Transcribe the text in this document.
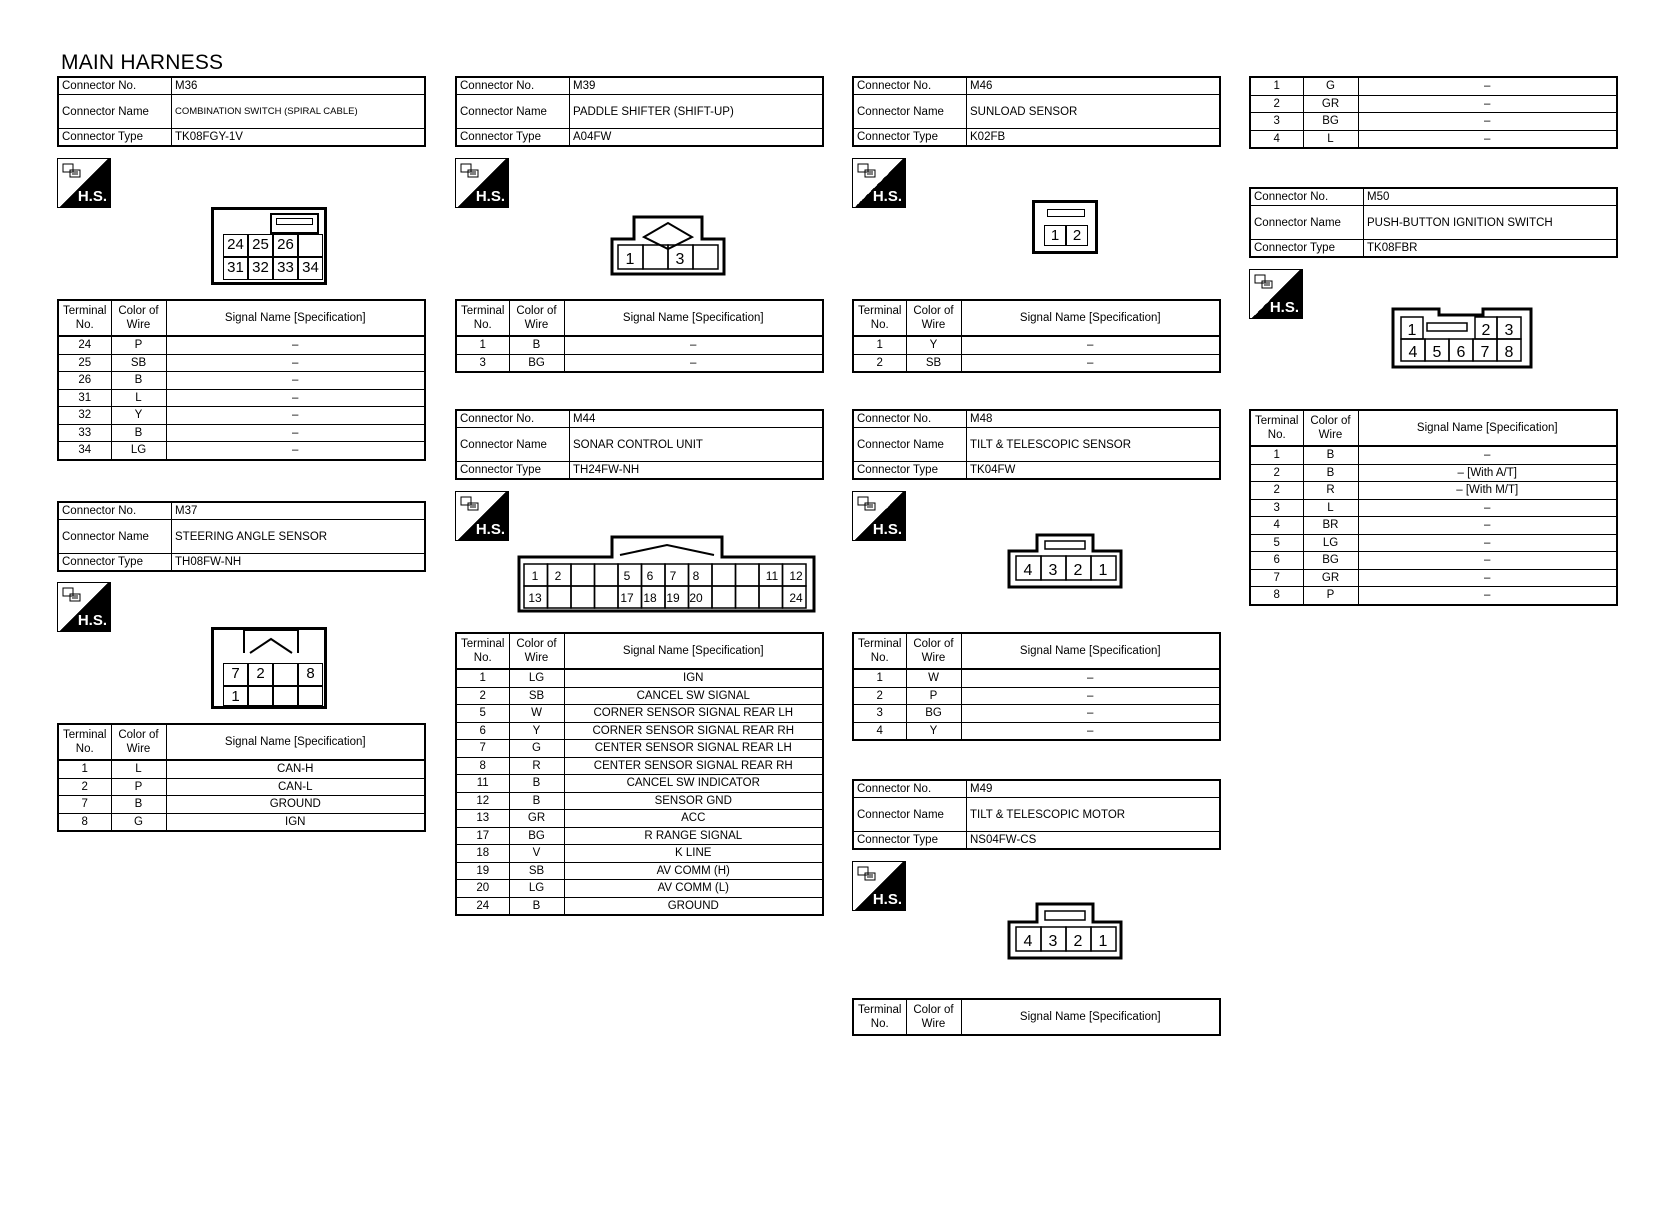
MAIN HARNESS
Connector No.	M36
Connector Name	COMBINATION SWITCH (SPIRAL CABLE)
Connector Type	TK08FGY-1V
H.S.
24 25 26
31 32 33 34
Terminal No.	Color of Wire	Signal Name [Specification]
24	P	–
25	SB	–
26	B	–
31	L	–
32	Y	–
33	B	–
34	LG	–
Connector No.	M37
Connector Name	STEERING ANGLE SENSOR
Connector Type	TH08FW-NH
H.S.
7	2	8
1
Terminal No.	Color of Wire	Signal Name [Specification]
1	L	CAN-H
2	P	CAN-L
7	B	GROUND
8	G	IGN
Connector No.	M39
Connector Name	PADDLE SHIFTER (SHIFT-UP)
Connector Type	A04FW
H.S.
1	3
Terminal No.	Color of Wire	Signal Name [Specification]
1	B	–
3	BG	–
Connector No.	M44
Connector Name	SONAR CONTROL UNIT
Connector Type	TH24FW-NH
H.S.
1 2	5 6 7 8	11 12
13	17 18 19 20	24
Terminal No.	Color of Wire	Signal Name [Specification]
1	LG	IGN
2	SB	CANCEL SW SIGNAL
5	W	CORNER SENSOR SIGNAL REAR LH
6	Y	CORNER SENSOR SIGNAL REAR RH
7	G	CENTER SENSOR SIGNAL REAR LH
8	R	CENTER SENSOR SIGNAL REAR RH
11	B	CANCEL SW INDICATOR
12	B	SENSOR GND
13	GR	ACC
17	BG	R RANGE SIGNAL
18	V	K LINE
19	SB	AV COMM (H)
20	LG	AV COMM (L)
24	B	GROUND
Connector No.	M46
Connector Name	SUNLOAD SENSOR
Connector Type	K02FB
H.S.
1 2
Terminal No.	Color of Wire	Signal Name [Specification]
1	Y	–
2	SB	–
Connector No.	M48
Connector Name	TILT & TELESCOPIC SENSOR
Connector Type	TK04FW
H.S.
4 3 2 1
Terminal No.	Color of Wire	Signal Name [Specification]
1	W	–
2	P	–
3	BG	–
4	Y	–
Connector No.	M49
Connector Name	TILT & TELESCOPIC MOTOR
Connector Type	NS04FW-CS
H.S.
4 3 2 1
Terminal No.	Color of Wire	Signal Name [Specification]
1	G	–
2	GR	–
3	BG	–
4	L	–
Connector No.	M50
Connector Name	PUSH-BUTTON IGNITION SWITCH
Connector Type	TK08FBR
H.S.
1	2 3
4 5 6 7 8
Terminal No.	Color of Wire	Signal Name [Specification]
1	B	–
2	B	– [With A/T]
2	R	– [With M/T]
3	L	–
4	BR	–
5	LG	–
6	BG	–
7	GR	–
8	P	–
